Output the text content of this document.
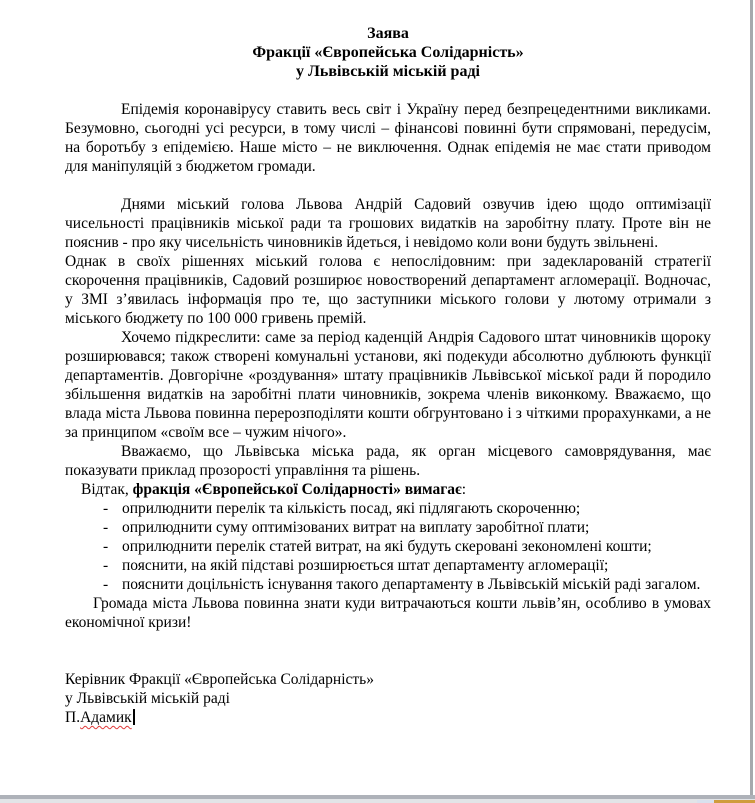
Заява
Фракції «Європейська Солідарність»
у Львівській міській раді

Епідемія коронавірусу ставить весь світ і Україну перед безпрецедентними викликами. Безумовно, сьогодні усі ресурси, в тому числі – фінансові повинні бути спрямовані, передусім, на боротьбу з епідемією. Наше місто – не виключення. Однак епідемія не має стати приводом для маніпуляцій з бюджетом громади.

Днями міський голова Львова Андрій Садовий озвучив ідею щодо оптимізації чисельності працівників міської ради та грошових видатків на заробітну плату. Проте він не пояснив - про яку чисельність чиновників йдеться, і невідомо коли вони будуть звільнені.

Однак в своїх рішеннях міський голова є непослідовним: при задекларованій стратегії скорочення працівників, Садовий розширює новостворений департамент агломерації. Водночас, у ЗМІ з’явилась інформація про те, що заступники міського голови у лютому отримали з міського бюджету по 100 000 гривень премій.

Хочемо підкреслити: саме за період каденцій Андрія Садового штат чиновників щороку розширювався; також створені комунальні установи, які подекуди абсолютно дублюють функції департаментів. Довгорічне «роздування» штату працівників Львівської міської ради й породило збільшення видатків на заробітні плати чиновників, зокрема членів виконкому. Вважаємо, що влада міста Львова повинна перерозподіляти кошти обгрунтовано і з чіткими прорахунками, а не за принципом «своїм все – чужим нічого».

Вважаємо, що Львівська міська рада, як орган місцевого самоврядування, має показувати приклад прозорості управління та рішень.

Відтак, фракція «Європейської Солідарності» вимагає:

- оприлюднити перелік та кількість посад, які підлягають скороченню;
- оприлюднити суму оптимізованих витрат на виплату заробітної плати;
- оприлюднити перелік статей витрат, на які будуть скеровані зекономлені кошти;
- пояснити, на якій підставі розширюється штат департаменту агломерації;
- пояснити доцільність існування такого департаменту в Львівській міській раді загалом.

Громада міста Львова повинна знати куди витрачаються кошти львів’ян, особливо в умовах економічної кризи!

Керівник Фракції «Європейська Солідарність»
у Львівській міській раді
П.Адамик
